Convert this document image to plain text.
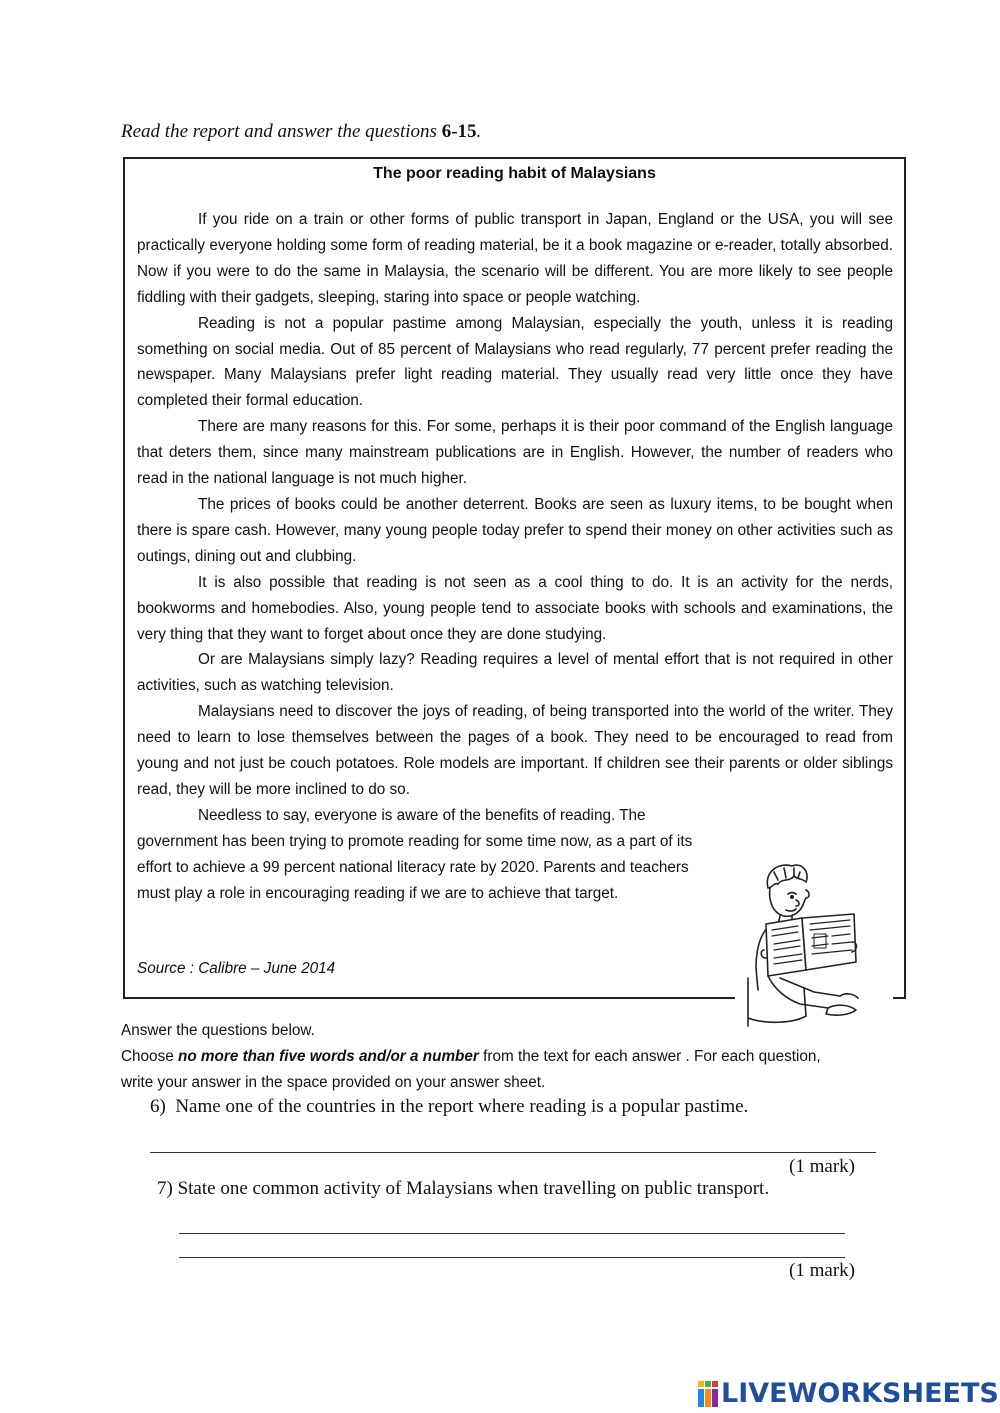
Read the report and answer the questions 6-15.
The poor reading habit of Malaysians

If you ride on a train or other forms of public transport in Japan, England or the USA, you will see practically everyone holding some form of reading material, be it a book magazine or e-reader, totally absorbed. Now if you were to do the same in Malaysia, the scenario will be different. You are more likely to see people fiddling with their gadgets, sleeping, staring into space or people watching.

Reading is not a popular pastime among Malaysian, especially the youth, unless it is reading something on social media. Out of 85 percent of Malaysians who read regularly, 77 percent prefer reading the newspaper. Many Malaysians prefer light reading material. They usually read very little once they have completed their formal education.

There are many reasons for this. For some, perhaps it is their poor command of the English language that deters them, since many mainstream publications are in English. However, the number of readers who read in the national language is not much higher.

The prices of books could be another deterrent. Books are seen as luxury items, to be bought when there is spare cash. However, many young people today prefer to spend their money on other activities such as outings, dining out and clubbing.

It is also possible that reading is not seen as a cool thing to do. It is an activity for the nerds, bookworms and homebodies. Also, young people tend to associate books with schools and examinations, the very thing that they want to forget about once they are done studying.

Or are Malaysians simply lazy? Reading requires a level of mental effort that is not required in other activities, such as watching television.

Malaysians need to discover the joys of reading, of being transported into the world of the writer. They need to learn to lose themselves between the pages of a book. They need to be encouraged to read from young and not just be couch potatoes. Role models are important. If children see their parents or older siblings read, they will be more inclined to do so.

Needless to say, everyone is aware of the benefits of reading. The government has been trying to promote reading for some time now, as a part of its effort to achieve a 99 percent national literacy rate by 2020. Parents and teachers must play a role in encouraging reading if we are to achieve that target.

Source : Calibre – June 2014
Answer the questions below.
Choose no more than five words and/or a number from the text for each answer . For each question, write your answer in the space provided on your answer sheet.
6) Name one of the countries in the report where reading is a popular pastime.
(1 mark)
7) State one common activity of Malaysians when travelling on public transport.
(1 mark)
LIVEWORKSHEETS
